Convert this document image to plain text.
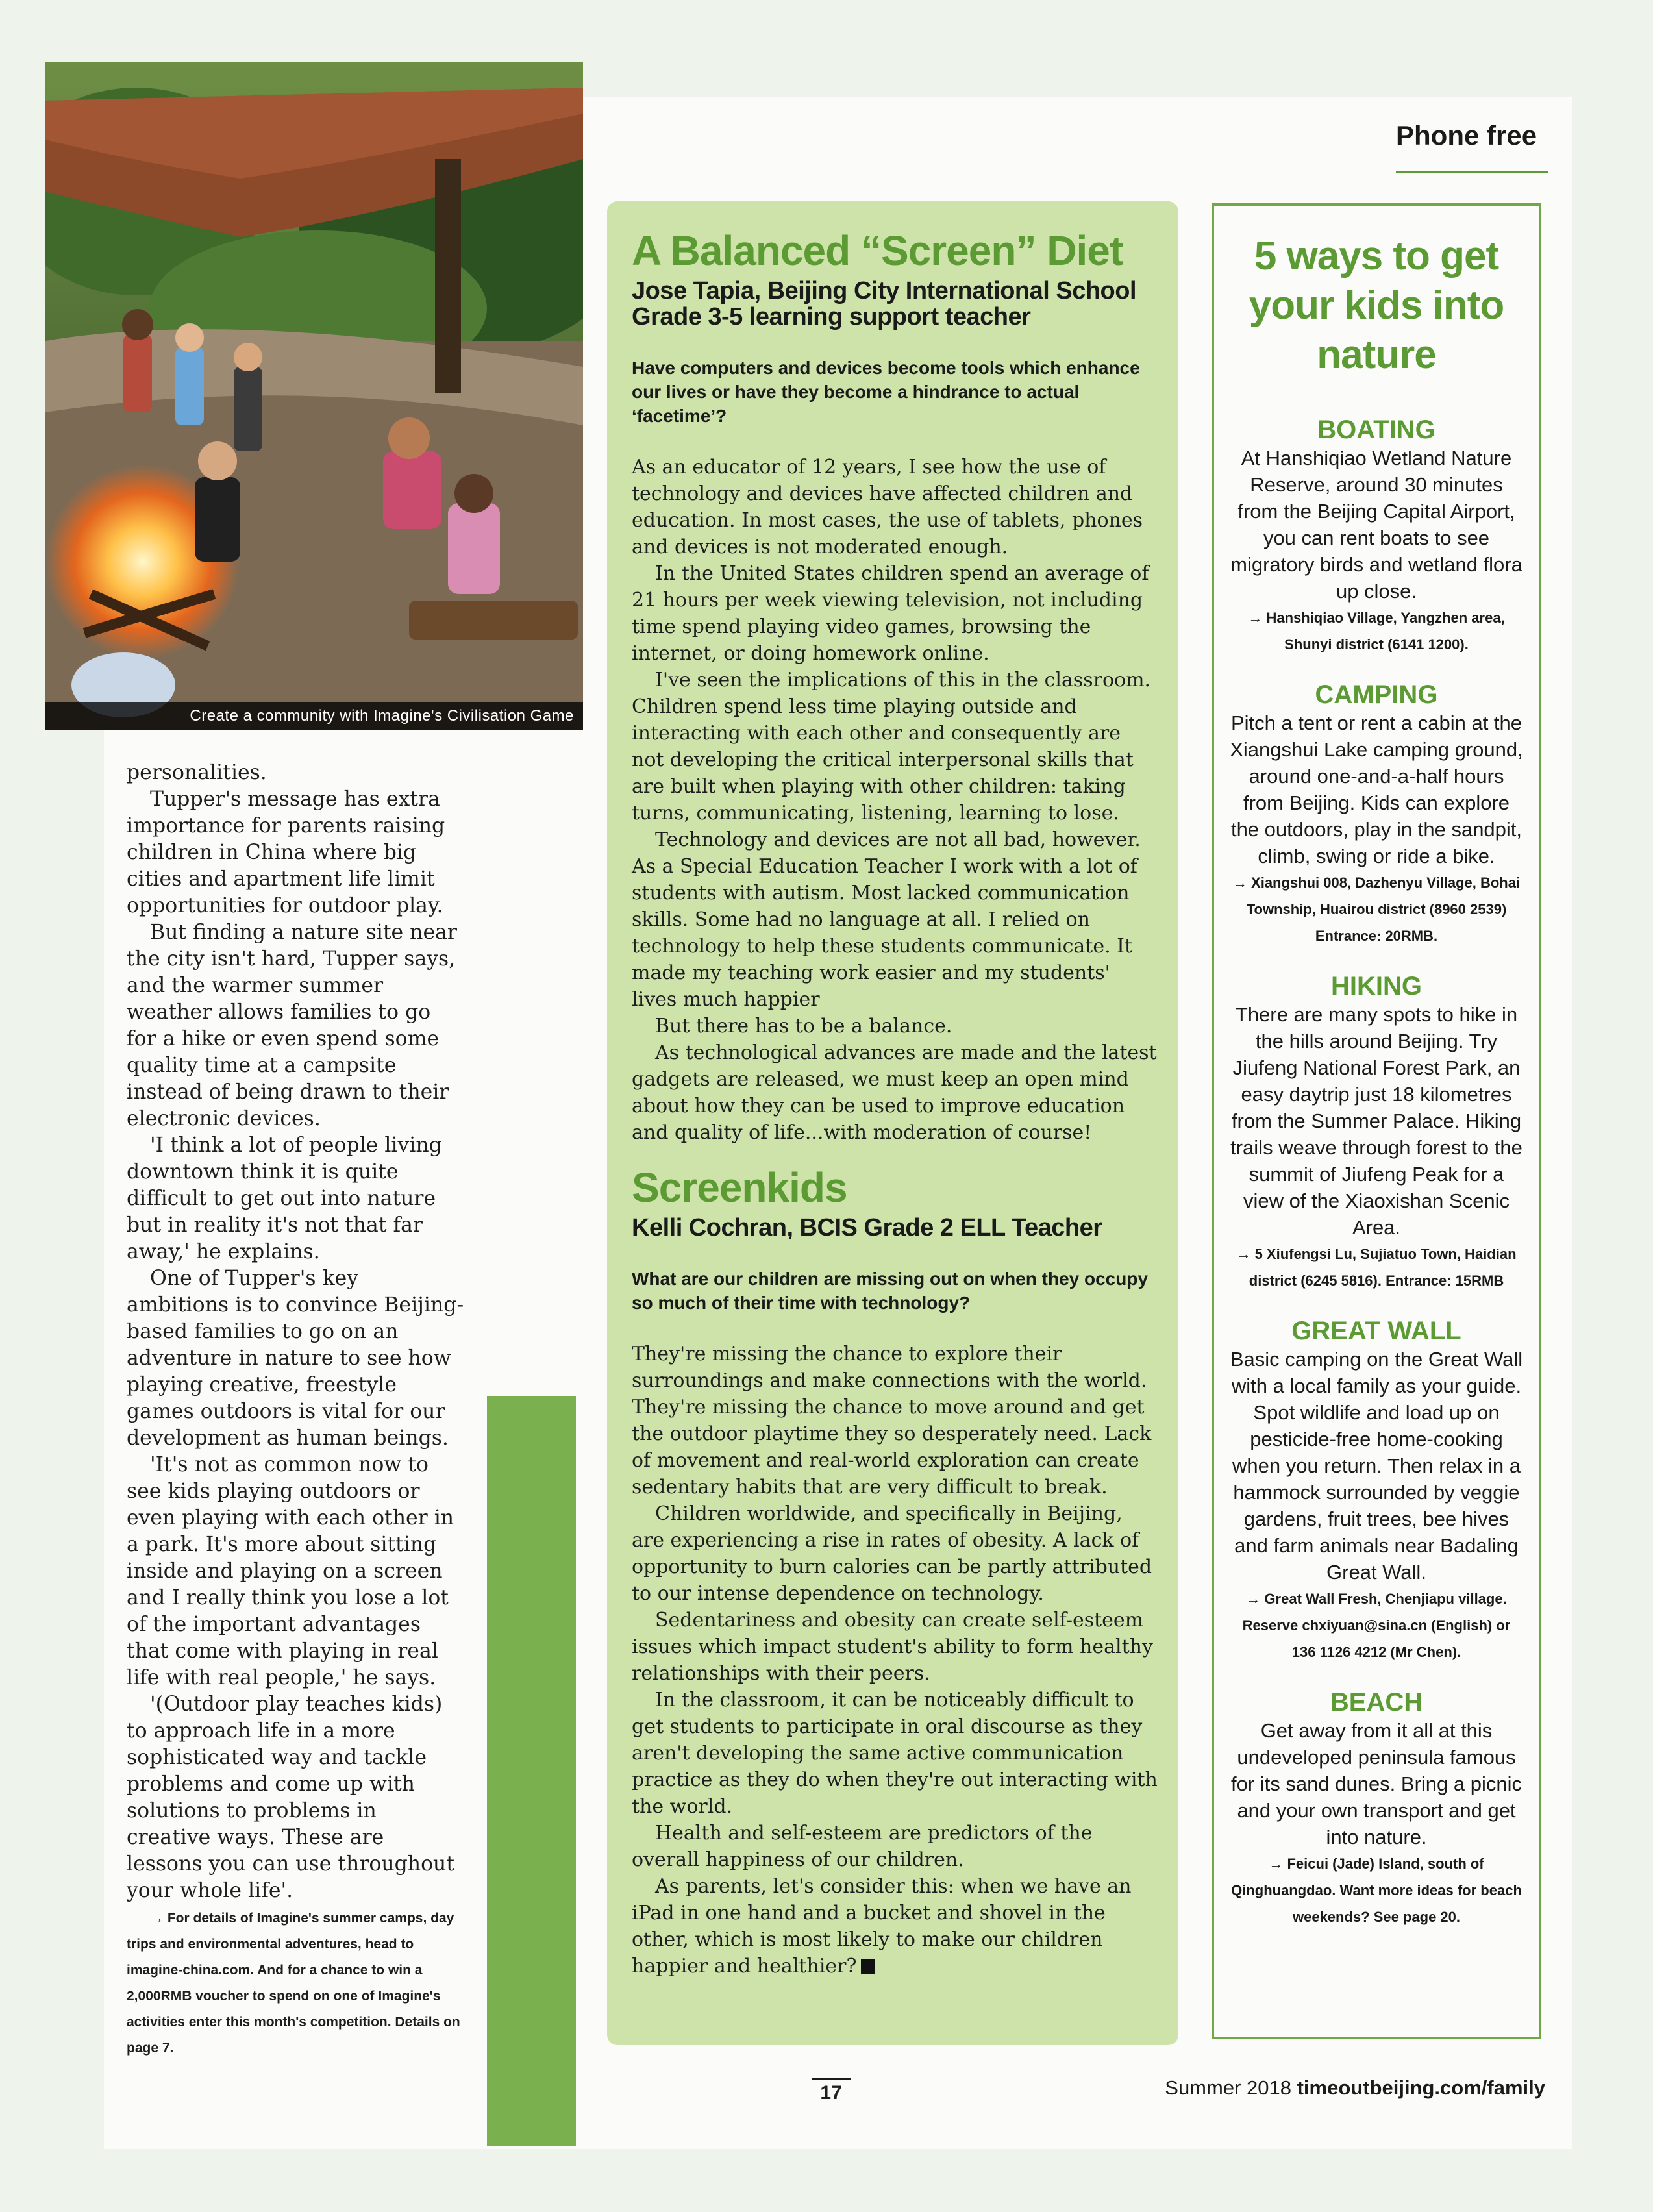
Create a community with Imagine's Civilisation Game

personalities.

Tupper's message has extra importance for parents raising children in China where big cities and apartment life limit opportunities for outdoor play.

But finding a nature site near the city isn't hard, Tupper says, and the warmer summer weather allows families to go for a hike or even spend some quality time at a campsite instead of being drawn to their electronic devices.

'I think a lot of people living downtown think it is quite difficult to get out into nature but in reality it's not that far away,' he explains.

One of Tupper's key ambitions is to convince Beijing-based families to go on an adventure in nature to see how playing creative, freestyle games outdoors is vital for our development as human beings.

'It's not as common now to see kids playing outdoors or even playing with each other in a park. It's more about sitting inside and playing on a screen and I really think you lose a lot of the important advantages that come with playing in real life with real people,' he says.

'(Outdoor play teaches kids) to approach life in a more sophisticated way and tackle problems and come up with solutions to problems in creative ways. These are lessons you can use throughout your whole life'.

→ For details of Imagine's summer camps, day trips and environmental adventures, head to imagine-china.com. And for a chance to win a 2,000RMB voucher to spend on one of Imagine's activities enter this month's competition. Details on page 7.
A Balanced “Screen” Diet
Jose Tapia, Beijing City International School Grade 3-5 learning support teacher
Have computers and devices become tools which enhance our lives or have they become a hindrance to actual ‘facetime’?

As an educator of 12 years, I see how the use of technology and devices have affected children and education. In most cases, the use of tablets, phones and devices is not moderated enough.

In the United States children spend an average of 21 hours per week viewing television, not including time spend playing video games, browsing the internet, or doing homework online.

I've seen the implications of this in the classroom. Children spend less time playing outside and interacting with each other and consequently are not developing the critical interpersonal skills that are built when playing with other children: taking turns, communicating, listening, learning to lose.

Technology and devices are not all bad, however. As a Special Education Teacher I work with a lot of students with autism. Most lacked communication skills. Some had no language at all. I relied on technology to help these students communicate. It made my teaching work easier and my students' lives much happier

But there has to be a balance.

As technological advances are made and the latest gadgets are released, we must keep an open mind about how they can be used to improve education and quality of life...with moderation of course!

Screenkids
Kelli Cochran, BCIS Grade 2 ELL Teacher
What are our children are missing out on when they occupy so much of their time with technology?

They're missing the chance to explore their surroundings and make connections with the world. They're missing the chance to move around and get the outdoor playtime they so desperately need. Lack of movement and real-world exploration can create sedentary habits that are very difficult to break.

Children worldwide, and specifically in Beijing, are experiencing a rise in rates of obesity. A lack of opportunity to burn calories can be partly attributed to our intense dependence on technology.

Sedentariness and obesity can create self-esteem issues which impact student's ability to form healthy relationships with their peers.

In the classroom, it can be noticeably difficult to get students to participate in oral discourse as they aren't developing the same active communication practice as they do when they're out interacting with the world.

Health and self-esteem are predictors of the overall happiness of our children.

As parents, let's consider this: when we have an iPad in one hand and a bucket and shovel in the other, which is most likely to make our children happier and healthier?

Phone free
5 ways to get your kids into nature
BOATING
At Hanshiqiao Wetland Nature Reserve, around 30 minutes from the Beijing Capital Airport, you can rent boats to see migratory birds and wetland flora up close.
→ Hanshiqiao Village, Yangzhen area, Shunyi district (6141 1200).
CAMPING
Pitch a tent or rent a cabin at the Xiangshui Lake camping ground, around one-and-a-half hours from Beijing. Kids can explore the outdoors, play in the sandpit, climb, swing or ride a bike.
→ Xiangshui 008, Dazhenyu Village, Bohai Township, Huairou district (8960 2539) Entrance: 20RMB.
HIKING
There are many spots to hike in the hills around Beijing. Try Jiufeng National Forest Park, an easy daytrip just 18 kilometres from the Summer Palace. Hiking trails weave through forest to the summit of Jiufeng Peak for a view of the Xiaoxishan Scenic Area.
→ 5 Xiufengsi Lu, Sujiatuo Town, Haidian district (6245 5816). Entrance: 15RMB
GREAT WALL
Basic camping on the Great Wall with a local family as your guide. Spot wildlife and load up on pesticide-free home-cooking when you return. Then relax in a hammock surrounded by veggie gardens, fruit trees, bee hives and farm animals near Badaling Great Wall.
→ Great Wall Fresh, Chenjiapu village. Reserve chxiyuan@sina.cn (English) or 136 1126 4212 (Mr Chen).
BEACH
Get away from it all at this undeveloped peninsula famous for its sand dunes. Bring a picnic and your own transport and get into nature.
→ Feicui (Jade) Island, south of Qinghuangdao. Want more ideas for beach weekends? See page 20.
17	Summer 2018 timeoutbeijing.com/family
